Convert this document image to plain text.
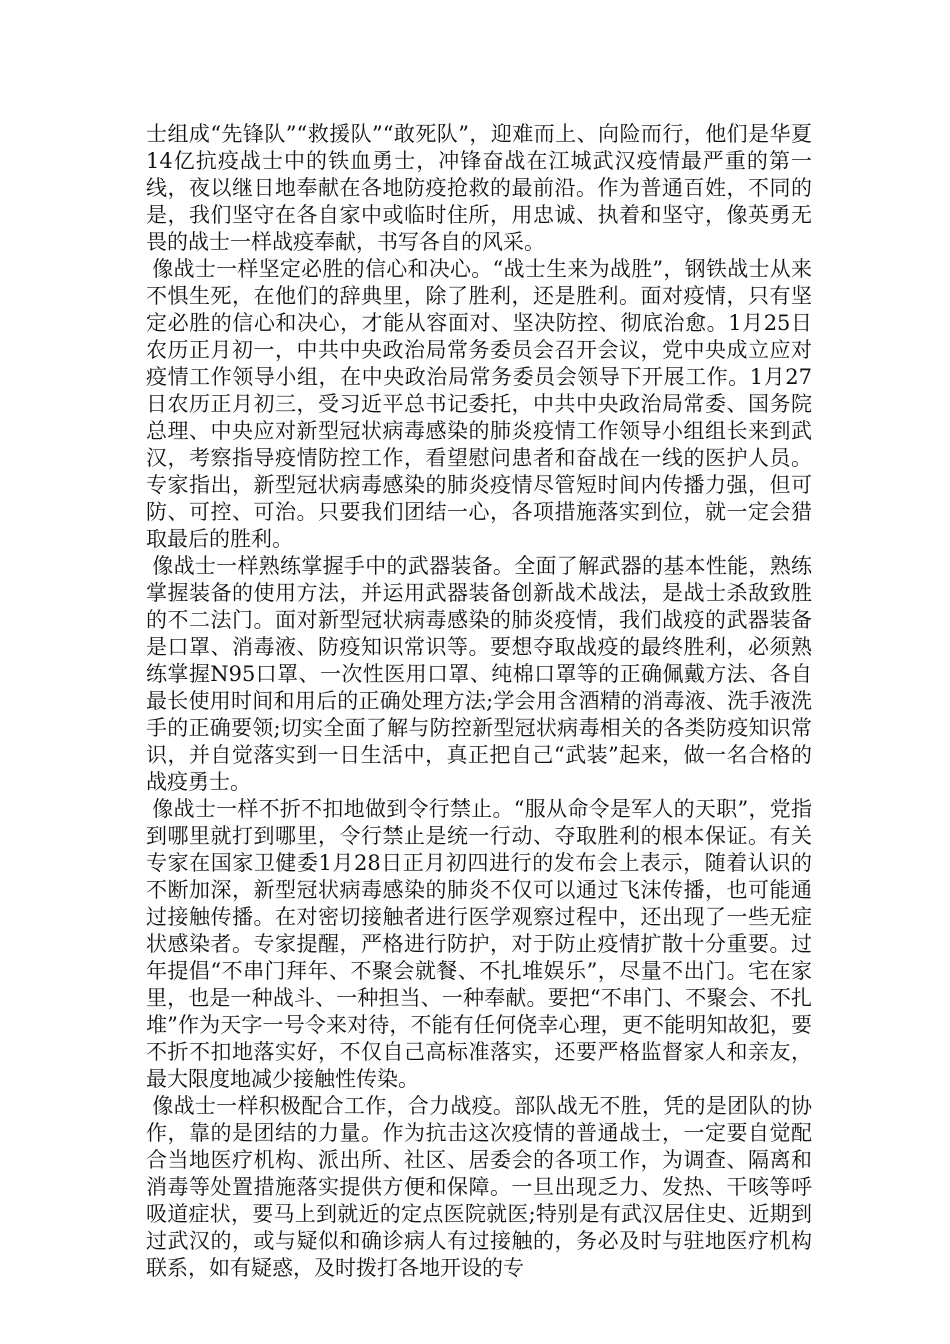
士组成“先锋队”“救援队”“敢死队”，迎难而上、向险而行，他们是华夏14亿抗疫战士中的铁血勇士，冲锋奋战在江城武汉疫情最严重的第一线，夜以继日地奉献在各地防疫抢救的最前沿。作为普通百姓，不同的是，我们坚守在各自家中或临时住所，用忠诚、执着和坚守，像英勇无畏的战士一样战疫奉献，书写各自的风采。

像战士一样坚定必胜的信心和决心。“战士生来为战胜”，钢铁战士从来不惧生死，在他们的辞典里，除了胜利，还是胜利。面对疫情，只有坚定必胜的信心和决心，才能从容面对、坚决防控、彻底治愈。1月25日农历正月初一，中共中央政治局常务委员会召开会议，党中央成立应对疫情工作领导小组，在中央政治局常务委员会领导下开展工作。1月27日农历正月初三，受习近平总书记委托，中共中央政治局常委、国务院总理、中央应对新型冠状病毒感染的肺炎疫情工作领导小组组长来到武汉，考察指导疫情防控工作，看望慰问患者和奋战在一线的医护人员。专家指出，新型冠状病毒感染的肺炎疫情尽管短时间内传播力强，但可防、可控、可治。只要我们团结一心，各项措施落实到位，就一定会猎取最后的胜利。

像战士一样熟练掌握手中的武器装备。全面了解武器的基本性能，熟练掌握装备的使用方法，并运用武器装备创新战术战法，是战士杀敌致胜的不二法门。面对新型冠状病毒感染的肺炎疫情，我们战疫的武器装备是口罩、消毒液、防疫知识常识等。要想夺取战疫的最终胜利，必须熟练掌握N95口罩、一次性医用口罩、纯棉口罩等的正确佩戴方法、各自最长使用时间和用后的正确处理方法;学会用含酒精的消毒液、洗手液洗手的正确要领;切实全面了解与防控新型冠状病毒相关的各类防疫知识常识，并自觉落实到一日生活中，真正把自己“武装”起来，做一名合格的战疫勇士。

像战士一样不折不扣地做到令行禁止。“服从命令是军人的天职”，党指到哪里就打到哪里，令行禁止是统一行动、夺取胜利的根本保证。有关专家在国家卫健委1月28日正月初四进行的发布会上表示，随着认识的不断加深，新型冠状病毒感染的肺炎不仅可以通过飞沫传播，也可能通过接触传播。在对密切接触者进行医学观察过程中，还出现了一些无症状感染者。专家提醒，严格进行防护，对于防止疫情扩散十分重要。过年提倡“不串门拜年、不聚会就餐、不扎堆娱乐”，尽量不出门。宅在家里，也是一种战斗、一种担当、一种奉献。要把“不串门、不聚会、不扎堆”作为天字一号令来对待，不能有任何侥幸心理，更不能明知故犯，要不折不扣地落实好，不仅自己高标准落实，还要严格监督家人和亲友，最大限度地减少接触性传染。

像战士一样积极配合工作，合力战疫。部队战无不胜，凭的是团队的协作，靠的是团结的力量。作为抗击这次疫情的普通战士，一定要自觉配合当地医疗机构、派出所、社区、居委会的各项工作，为调查、隔离和消毒等处置措施落实提供方便和保障。一旦出现乏力、发热、干咳等呼吸道症状，要马上到就近的定点医院就医;特别是有武汉居住史、近期到过武汉的，或与疑似和确诊病人有过接触的，务必及时与驻地医疗机构联系，如有疑惑，及时拨打各地开设的专
